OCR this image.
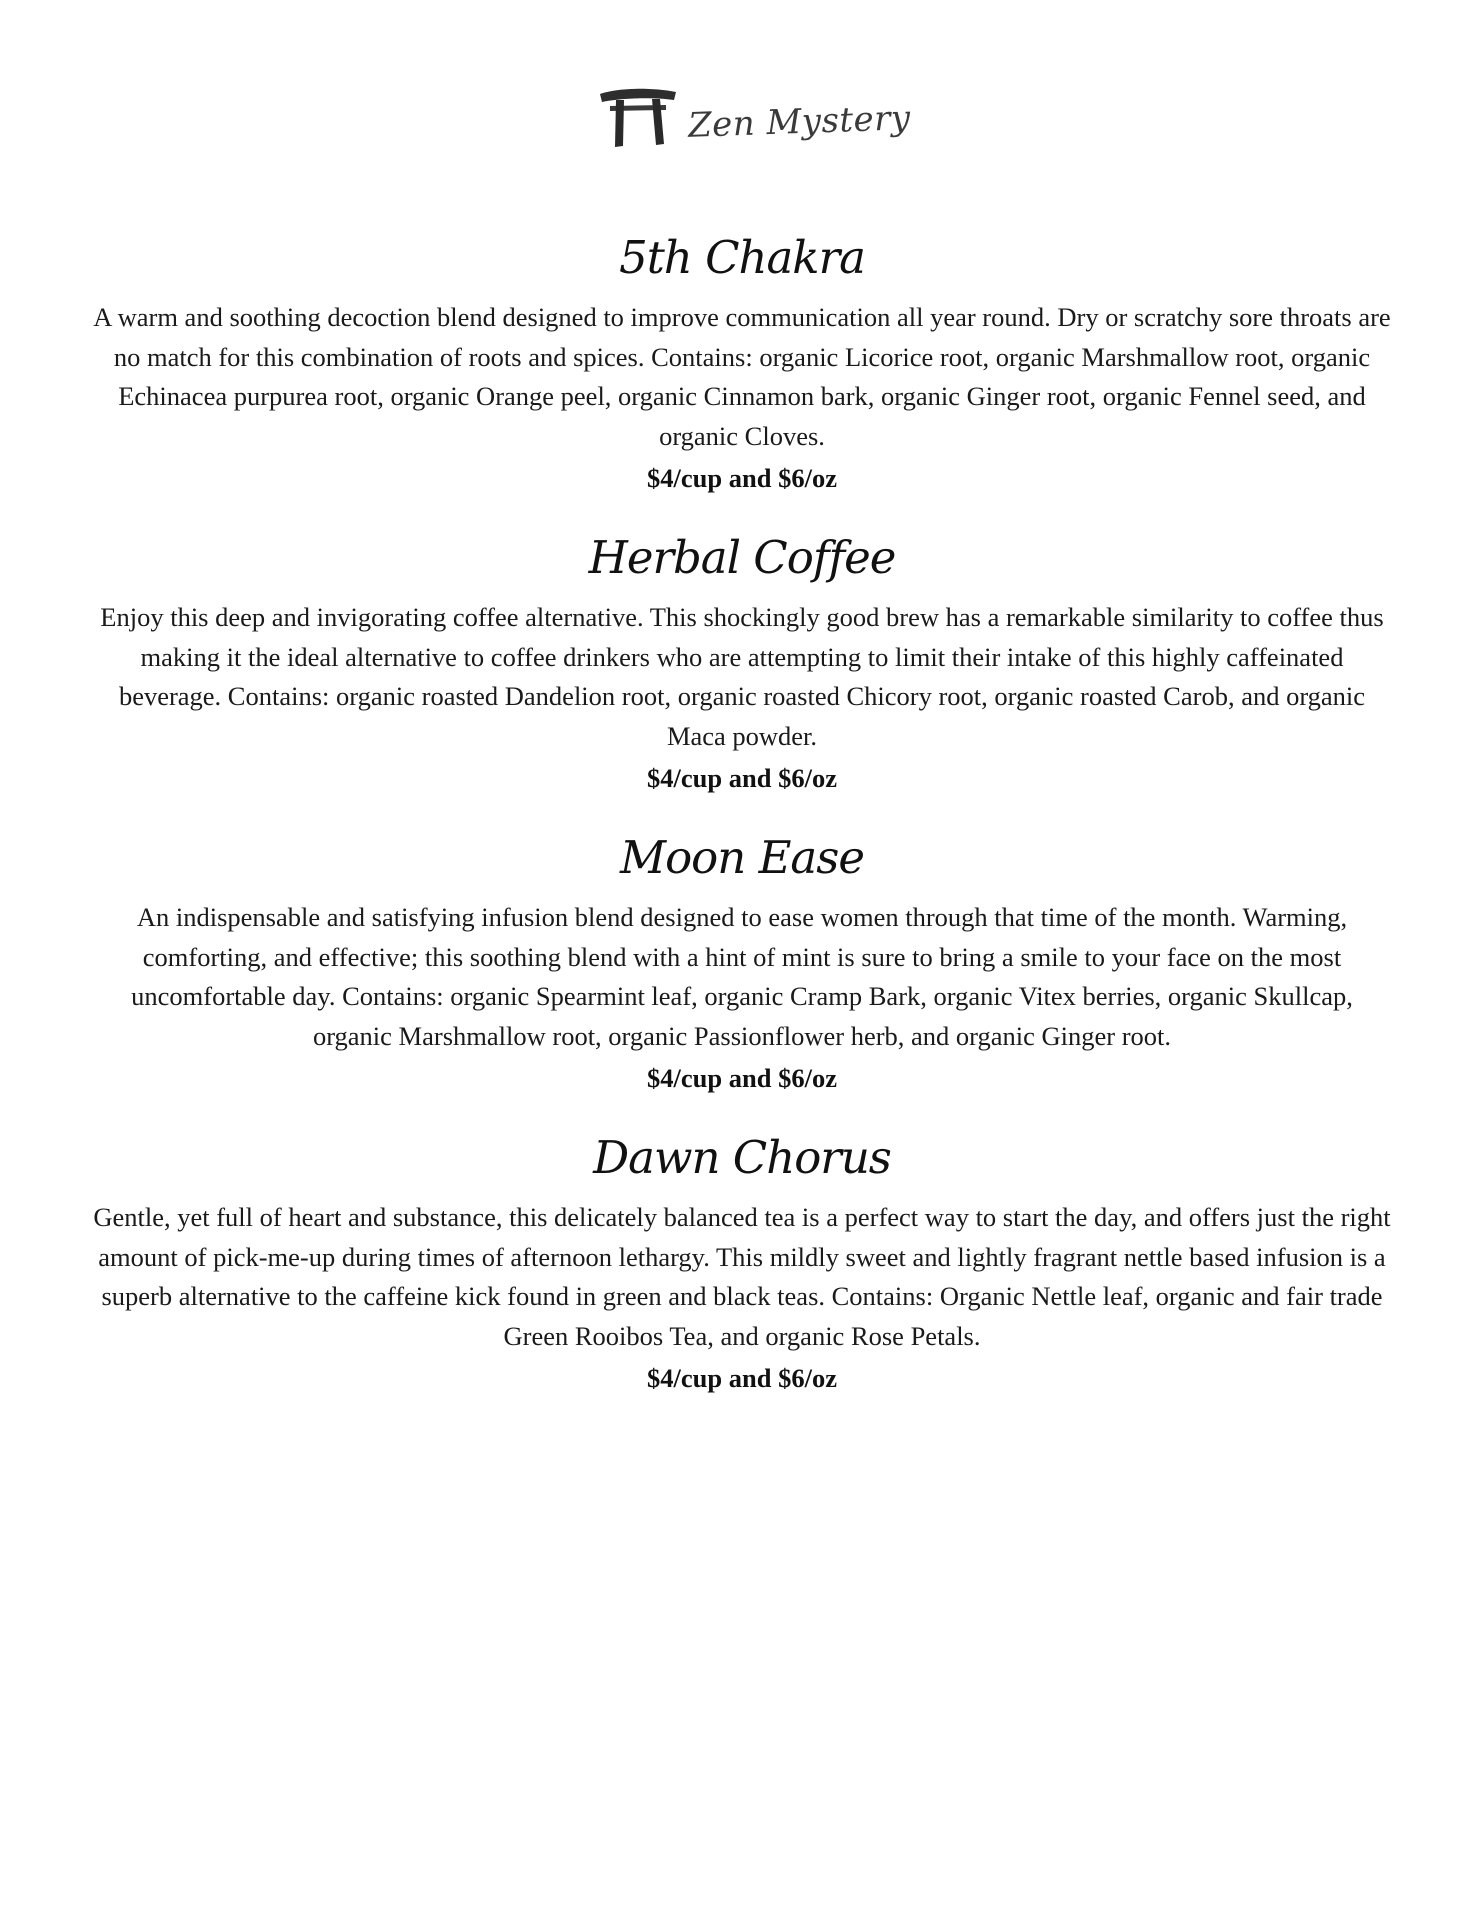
Zen Mystery
5th Chakra

A warm and soothing decoction blend designed to improve communication all year round. Dry or scratchy sore throats are no match for this combination of roots and spices. Contains: organic Licorice root, organic Marshmallow root, organic Echinacea purpurea root, organic Orange peel, organic Cinnamon bark, organic Ginger root, organic Fennel seed, and organic Cloves.

$4/cup and $6/oz

Herbal Coffee

Enjoy this deep and invigorating coffee alternative. This shockingly good brew has a remarkable similarity to coffee thus making it the ideal alternative to coffee drinkers who are attempting to limit their intake of this highly caffeinated beverage. Contains: organic roasted Dandelion root, organic roasted Chicory root, organic roasted Carob, and organic Maca powder.

$4/cup and $6/oz

Moon Ease

An indispensable and satisfying infusion blend designed to ease women through that time of the month. Warming, comforting, and effective; this soothing blend with a hint of mint is sure to bring a smile to your face on the most uncomfortable day. Contains: organic Spearmint leaf, organic Cramp Bark, organic Vitex berries, organic Skullcap, organic Marshmallow root, organic Passionflower herb, and organic Ginger root.

$4/cup and $6/oz

Dawn Chorus

Gentle, yet full of heart and substance, this delicately balanced tea is a perfect way to start the day, and offers just the right amount of pick-me-up during times of afternoon lethargy. This mildly sweet and lightly fragrant nettle based infusion is a superb alternative to the caffeine kick found in green and black teas. Contains: Organic Nettle leaf, organic and fair trade Green Rooibos Tea, and organic Rose Petals.

$4/cup and $6/oz
